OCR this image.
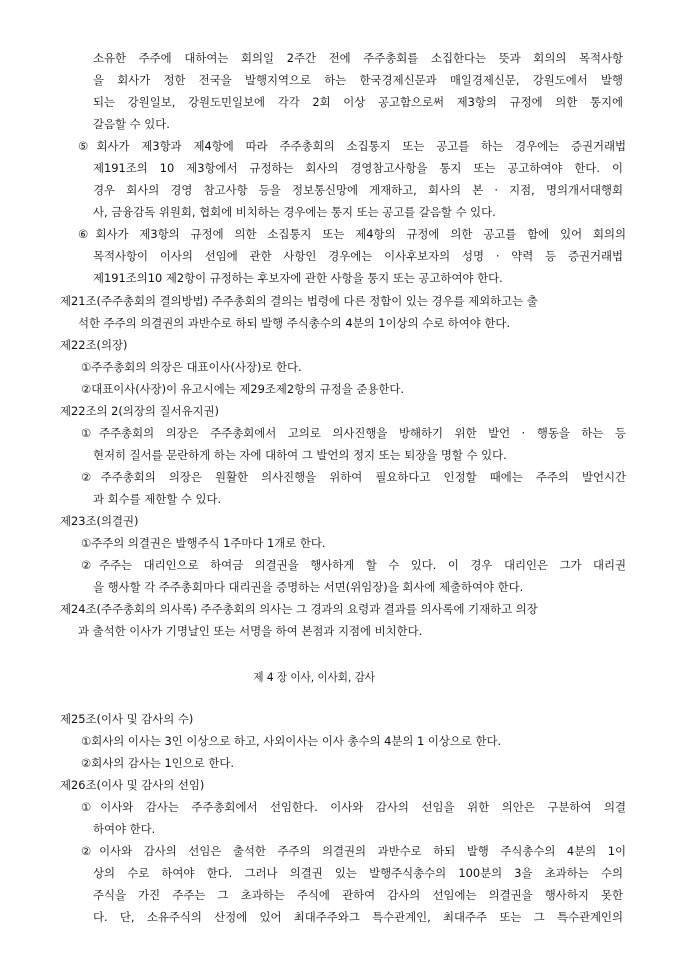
소유한 주주에 대하여는 회의일 2주간 전에 주주총회를 소집한다는 뜻과 회의의 목적사항
을 회사가 정한 전국을 발행지역으로 하는 한국경제신문과 매일경제신문, 강원도에서 발행
되는 강원일보, 강원도민일보에 각각 2회 이상 공고함으로써 제3항의 규정에 의한 통지에
갈음할 수 있다.
⑤회사가 제3항과 제4항에 따라 주주총회의 소집통지 또는 공고를 하는 경우에는 증권거래법
제191조의 10 제3항에서 규정하는 회사의 경영참고사항을 통지 또는 공고하여야 한다. 이
경우 회사의 경영 참고사항 등을 정보통신망에 게재하고, 회사의 본 · 지점, 명의개서대행회
사, 금융감독 위원회, 협회에 비치하는 경우에는 통지 또는 공고를 갈음할 수 있다.
⑥회사가 제3항의 규정에 의한 소집통지 또는 제4항의 규정에 의한 공고를 함에 있어 회의의
목적사항이 이사의 선임에 관한 사항인 경우에는 이사후보자의 성명 · 약력 등 증권거래법
제191조의10 제2항이 규정하는 후보자에 관한 사항을 통지 또는 공고하여야 한다.
제21조(주주총회의 결의방법) 주주총회의 결의는 법령에 다른 정함이 있는 경우를 제외하고는 출
석한 주주의 의결권의 과반수로 하되 발행 주식총수의 4분의 1이상의 수로 하여야 한다.
제22조(의장)
①주주총회의 의장은 대표이사(사장)로 한다.
②대표이사(사장)이 유고시에는 제29조제2항의 규정을 준용한다.
제22조의 2(의장의 질서유지권)
①주주총회의 의장은 주주총회에서 고의로 의사진행을 방해하기 위한 발언 · 행동을 하는 등
현저히 질서를 문란하게 하는 자에 대하여 그 발언의 정지 또는 퇴장을 명할 수 있다.
②주주총회의 의장은 원활한 의사진행을 위하여 필요하다고 인정할 때에는 주주의 발언시간
과 회수를 제한할 수 있다.
제23조(의결권)
①주주의 의결권은 발행주식 1주마다 1개로 한다.
②주주는 대리인으로 하여금 의결권을 행사하게 할 수 있다. 이 경우 대리인은 그가 대리권
을 행사할 각 주주총회마다 대리권을 증명하는 서면(위임장)을 회사에 제출하여야 한다.
제24조(주주총회의 의사록) 주주총회의 의사는 그 경과의 요령과 결과를 의사록에 기재하고 의장
과 출석한 이사가 기명날인 또는 서명을 하여 본점과 지점에 비치한다.
제 4 장 이사, 이사회, 감사
제25조(이사 및 감사의 수)
①회사의 이사는 3인 이상으로 하고, 사외이사는 이사 총수의 4분의 1 이상으로 한다.
②회사의 감사는 1인으로 한다.
제26조(이사 및 감사의 선임)
①이사와 감사는 주주총회에서 선임한다. 이사와 감사의 선임을 위한 의안은 구분하여 의결
하여야 한다.
②이사와 감사의 선임은 출석한 주주의 의결권의 과반수로 하되 발행 주식총수의 4분의 1이
상의 수로 하여야 한다. 그러나 의결권 있는 발행주식총수의 100분의 3을 초과하는 수의
주식을 가진 주주는 그 초과하는 주식에 관하여 감사의 선임에는 의결권을 행사하지 못한
다. 단, 소유주식의 산정에 있어 최대주주와그 특수관계인, 최대주주 또는 그 특수관계인의
